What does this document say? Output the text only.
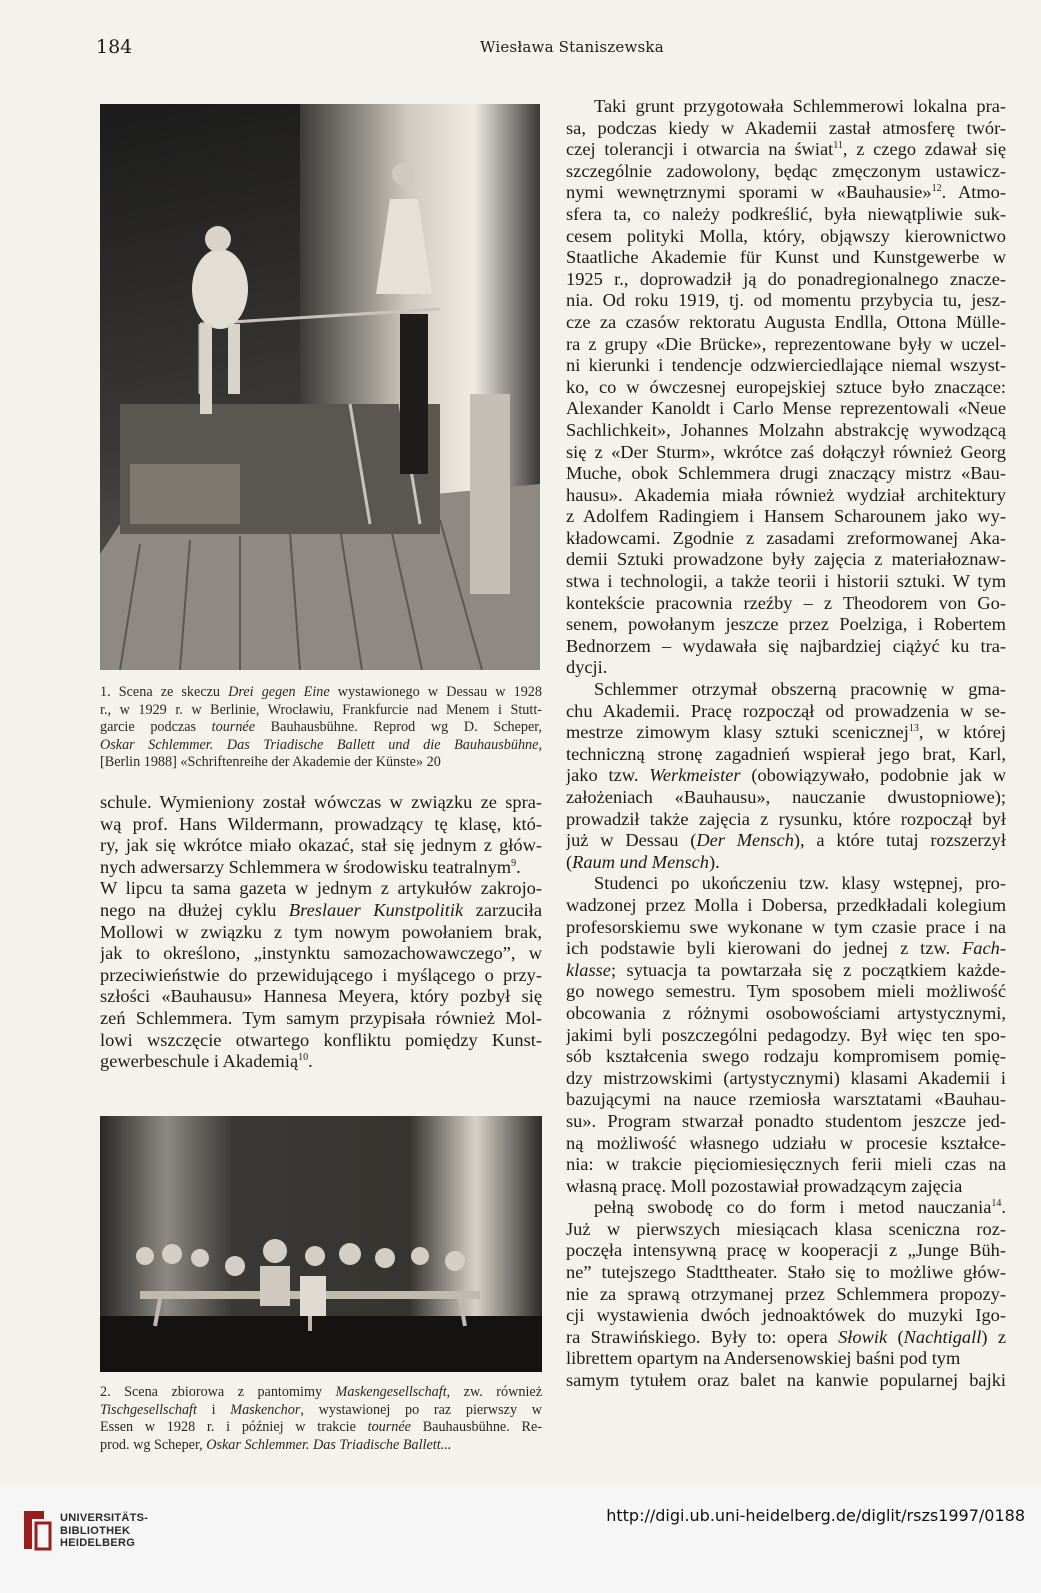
184	Wiesława Staniszewska
1. Scena ze skeczu Drei gegen Eine wystawionego w Dessau w 1928
r., w 1929 r. w Berlinie, Wrocławiu, Frankfurcie nad Menem i Stutt-
garcie podczas tournée Bauhausbühne. Reprod wg D. Scheper,
Oskar Schlemmer. Das Triadische Ballett und die Bauhausbühne,
[Berlin 1988] «Schriftenreihe der Akademie der Künste» 20
schule. Wymieniony został wówczas w związku ze spra-
wą prof. Hans Wildermann, prowadzący tę klasę, któ-
ry, jak się wkrótce miało okazać, stał się jednym z głów-
nych adwersarzy Schlemmera w środowisku teatralnym$^9$.
W lipcu ta sama gazeta w jednym z artykułów zakrojo-
nego na dłużej cyklu Breslauer Kunstpolitik zarzuciła
Mollowi w związku z tym nowym powołaniem brak,
jak to określono, „instynktu samozachowawczego”, w
przeciwieństwie do przewidującego i myślącego o przy-
szłości «Bauhausu» Hannesa Meyera, który pozbył się
zeń Schlemmera. Tym samym przypisała również Mol-
lowi wszczęcie otwartego konfliktu pomiędzy Kunst-
gewerbeschule i Akademią$^{10}$.
2. Scena zbiorowa z pantomimy Maskengesellschaft, zw. również
Tischgesellschaft i Maskenchor, wystawionej po raz pierwszy w
Essen w 1928 r. i później w trakcie tournée Bauhausbühne. Re-
prod. wg Scheper, Oskar Schlemmer. Das Triadische Ballett...
Taki grunt przygotowała Schlemmerowi lokalna pra-
sa, podczas kiedy w Akademii zastał atmosferę twór-
czej tolerancji i otwarcia na świat$^{11}$, z czego zdawał się
szczególnie zadowolony, będąc zmęczonym ustawicz-
nymi wewnętrznymi sporami w «Bauhausie»$^{12}$. Atmo-
sfera ta, co należy podkreślić, była niewątpliwie suk-
cesem polityki Molla, który, objąwszy kierownictwo
Staatliche Akademie für Kunst und Kunstgewerbe w
1925 r., doprowadził ją do ponadregionalnego znacze-
nia. Od roku 1919, tj. od momentu przybycia tu, jesz-
cze za czasów rektoratu Augusta Endlla, Ottona Mülle-
ra z grupy «Die Brücke», reprezentowane były w uczel-
ni kierunki i tendencje odzwierciedlające niemal wszyst-
ko, co w ówczesnej europejskiej sztuce było znaczące:
Alexander Kanoldt i Carlo Mense reprezentowali «Neue
Sachlichkeit», Johannes Molzahn abstrakcję wywodzącą
się z «Der Sturm», wkrótce zaś dołączył również Georg
Muche, obok Schlemmera drugi znaczący mistrz «Bau-
hausu». Akademia miała również wydział architektury
z Adolfem Radingiem i Hansem Scharounem jako wy-
kładowcami. Zgodnie z zasadami zreformowanej Aka-
demii Sztuki prowadzone były zajęcia z materiałoznaw-
stwa i technologii, a także teorii i historii sztuki. W tym
kontekście pracownia rzeźby – z Theodorem von Go-
senem, powołanym jeszcze przez Poelziga, i Robertem
Bednorzem – wydawała się najbardziej ciążyć ku tra-
dycji.
Schlemmer otrzymał obszerną pracownię w gma-
chu Akademii. Pracę rozpoczął od prowadzenia w se-
mestrze zimowym klasy sztuki scenicznej$^{13}$, w której
techniczną stronę zagadnień wspierał jego brat, Karl,
jako tzw. Werkmeister (obowiązywało, podobnie jak w
założeniach «Bauhausu», nauczanie dwustopniowe);
prowadził także zajęcia z rysunku, które rozpoczął był
już w Dessau (Der Mensch), a które tutaj rozszerzył
(Raum und Mensch).
Studenci po ukończeniu tzw. klasy wstępnej, pro-
wadzonej przez Molla i Dobersa, przedkładali kolegium
profesorskiemu swe wykonane w tym czasie prace i na
ich podstawie byli kierowani do jednej z tzw. Fach-
klasse; sytuacja ta powtarzała się z początkiem każde-
go nowego semestru. Tym sposobem mieli możliwość
obcowania z różnymi osobowościami artystycznymi,
jakimi byli poszczególni pedagodzy. Był więc ten spo-
sób kształcenia swego rodzaju kompromisem pomię-
dzy mistrzowskimi (artystycznymi) klasami Akademii i
bazującymi na nauce rzemiosła warsztatami «Bauhau-
su». Program stwarzał ponadto studentom jeszcze jed-
ną możliwość własnego udziału w procesie kształce-
nia: w trakcie pięciomiesięcznych ferii mieli czas na
własną pracę. Moll pozostawiał prowadzącym zajęcia
pełną swobodę co do form i metod nauczania$^{14}$.
Już w pierwszych miesiącach klasa sceniczna roz-
poczęła intensywną pracę w kooperacji z „Junge Büh-
ne” tutejszego Stadttheater. Stało się to możliwe głów-
nie za sprawą otrzymanej przez Schlemmera propozy-
cji wystawienia dwóch jednoaktówek do muzyki Igo-
ra Strawińskiego. Były to: opera Słowik (Nachtigall) z
librettem opartym na Andersenowskiej baśni pod tym
samym tytułem oraz balet na kanwie popularnej bajki
UNIVERSITÄTS-
BIBLIOTHEK
HEIDELBERG
http://digi.ub.uni-heidelberg.de/diglit/rszs1997/0188
